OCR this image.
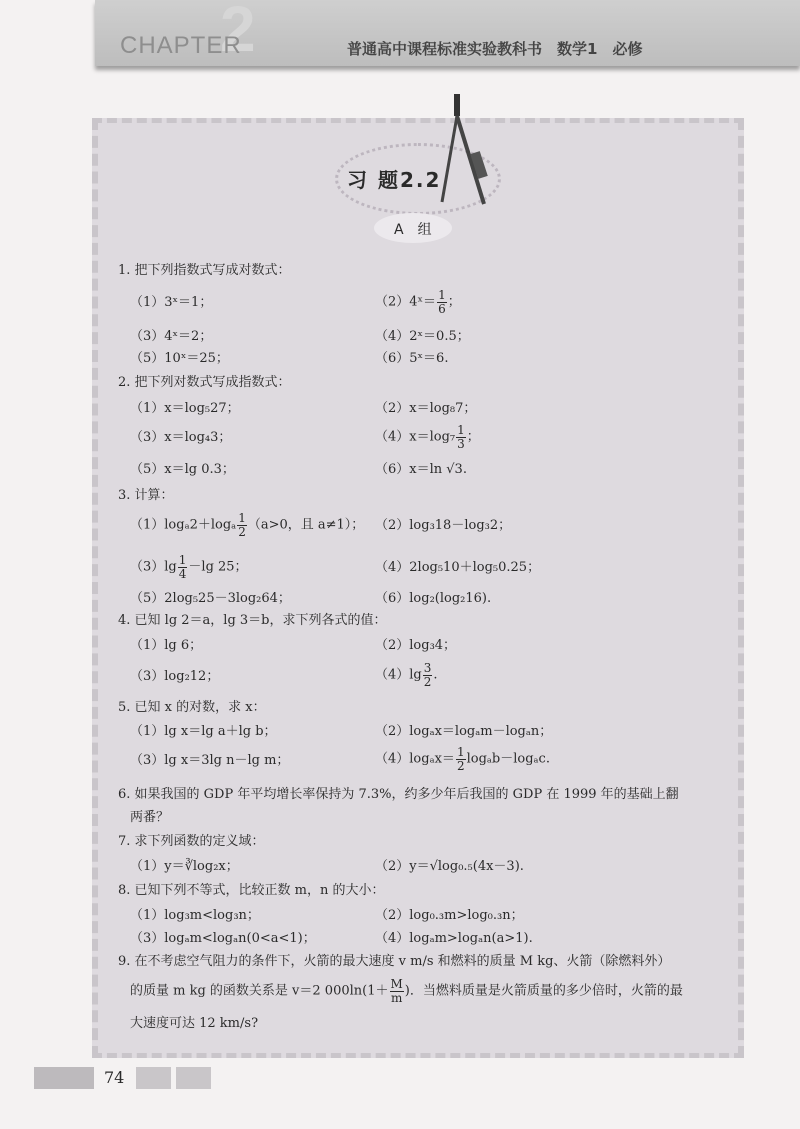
2
CHAPTER	普通高中课程标准实验教科书　数学1　必修
习 题2.2
A　组
1. 把下列指数式写成对数式：
（1）3ˣ＝1；	（2）4ˣ＝ $\frac{1}{6}$ ；
（3）4ˣ＝2；	（4）2ˣ＝0.5；
（5）10ˣ＝25；	（6）5ˣ＝6.
2. 把下列对数式写成指数式：
（1）x＝log₅27；	（2）x＝log₈7；
（3）x＝log₄3；	$(4)x=\log_7 \frac{1}{3}$ ；
（5）x＝lg 0.3；	（6）x＝ln √3.
3. 计算：
$(1)\log_a2+\log_a \frac{1}{2} (a>0$，且 a≠1）； （2）log₃18－log₃2；
$(3)\lg \frac{1}{4} -\lg$ 25；	（4）2log₅10＋log₅0.25；
（5）2log₅25－3log₂64；	（6）log₂(log₂16).
4. 已知 lg 2＝a，lg 3＝b，求下列各式的值：
（1）lg 6；	（2）log₃4；
（3）log₂12；	$(4)\lg \frac{3}{2}$ .
5. 已知 x 的对数，求 x：
（1）lg x＝lg a＋lg b；	（2）logₐx＝logₐm－logₐn；
（3）lg x＝3lg n－lg m；	$(4)\log_ax= \frac{1}{2} \log_ab-\log_ac$.
6. 如果我国的 GDP 年平均增长率保持为 7.3%，约多少年后我国的 GDP 在 1999 年的基础上翻
两番？
7. 求下列函数的定义域：
（1）y＝∛log₂x；	（2）y＝√log₀.₅(4x－3).
8. 已知下列不等式，比较正数 m，n 的大小：
（1）log₃m<log₃n；	（2）log₀.₃m>log₀.₃n；
（3）logₐm<logₐn(0<a<1)；	（4）logₐm>logₐn(a>1).
9. 在不考虑空气阻力的条件下，火箭的最大速度 v m/s 和燃料的质量 M kg、火箭（除燃料外）
的质量 m kg 的函数关系是 v＝2 $000\ln(1+ \frac{M}{m}$ )．当燃料质量是火箭质量的多少倍时，火箭的最
大速度可达 12 km/s?
74
